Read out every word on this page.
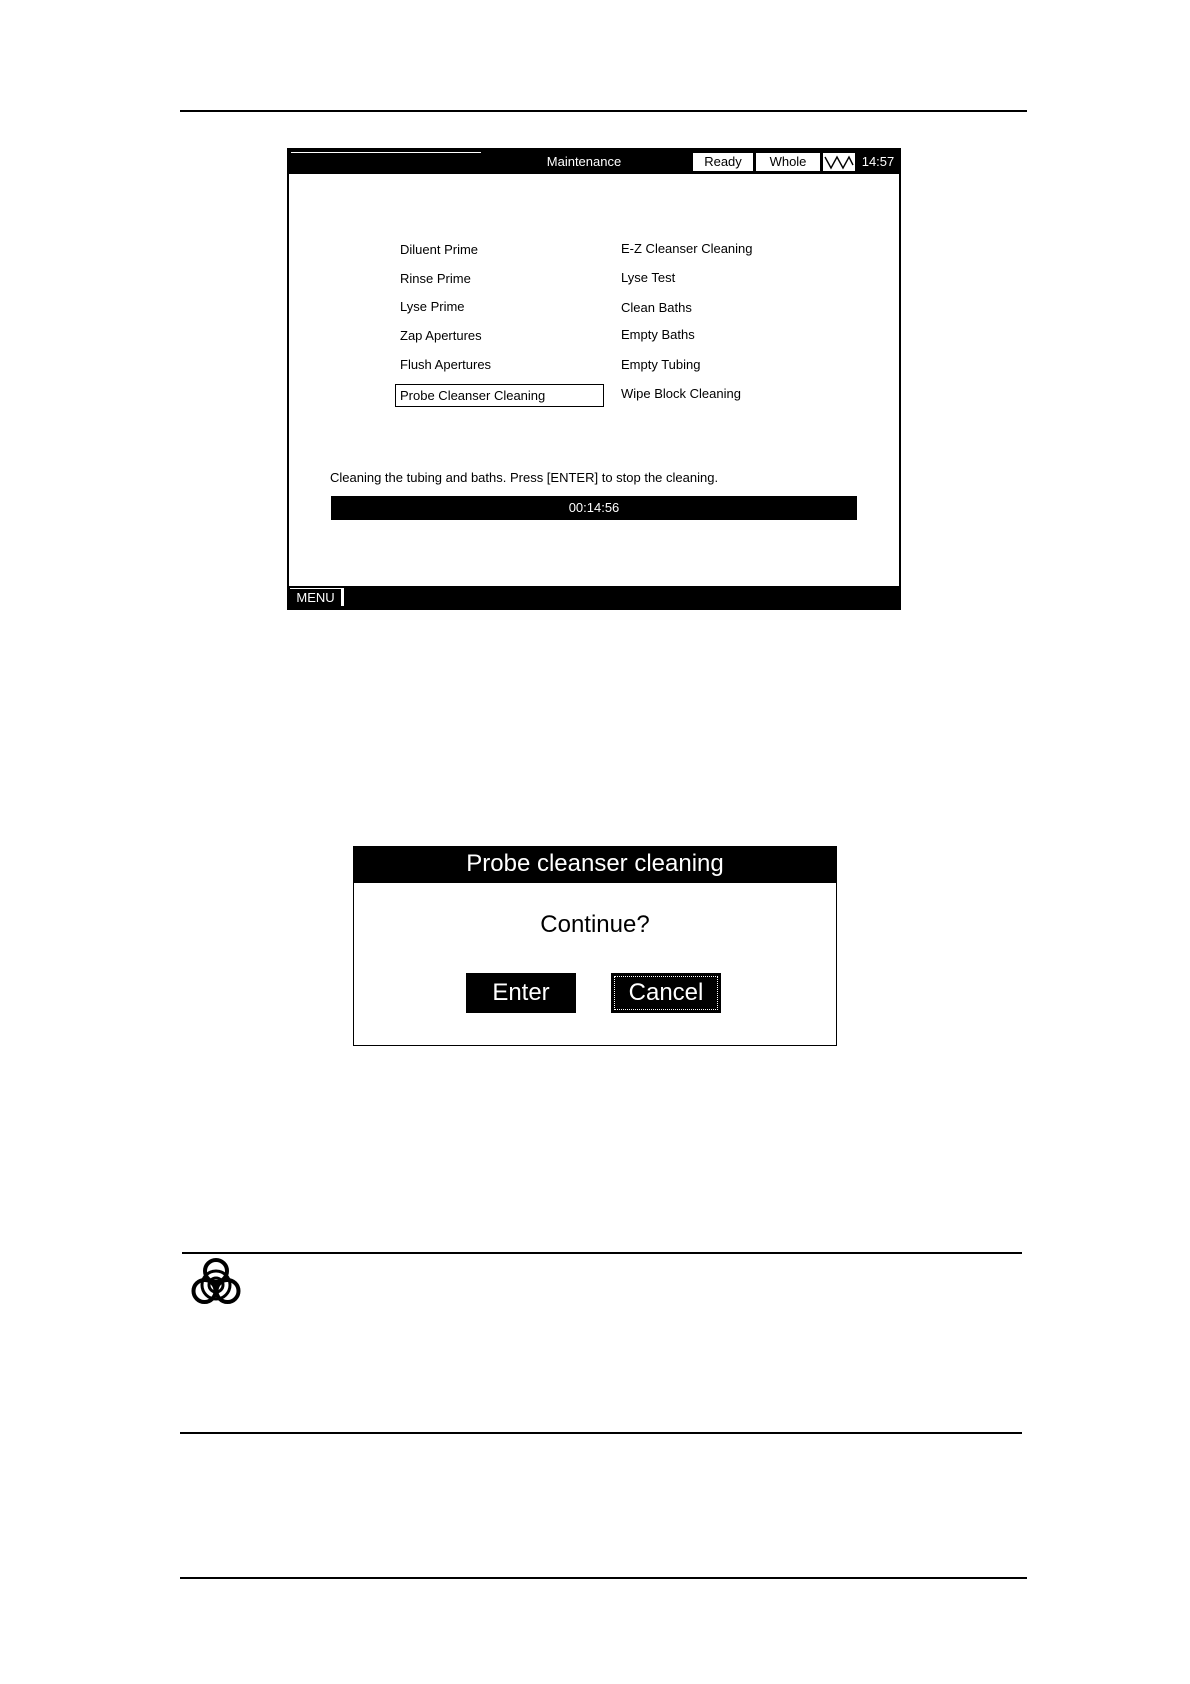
Maintenance	Ready	Whole	14:57
Diluent Prime
Rinse Prime
Lyse Prime
Zap Apertures
Flush Apertures
Probe Cleanser Cleaning
E-Z Cleanser Cleaning
Lyse Test
Clean Baths
Empty Baths
Empty Tubing
Wipe Block Cleaning
Cleaning the tubing and baths. Press [ENTER] to stop the cleaning.
00:14:56
MENU
Probe cleanser cleaning
Continue?
Enter	Cancel
